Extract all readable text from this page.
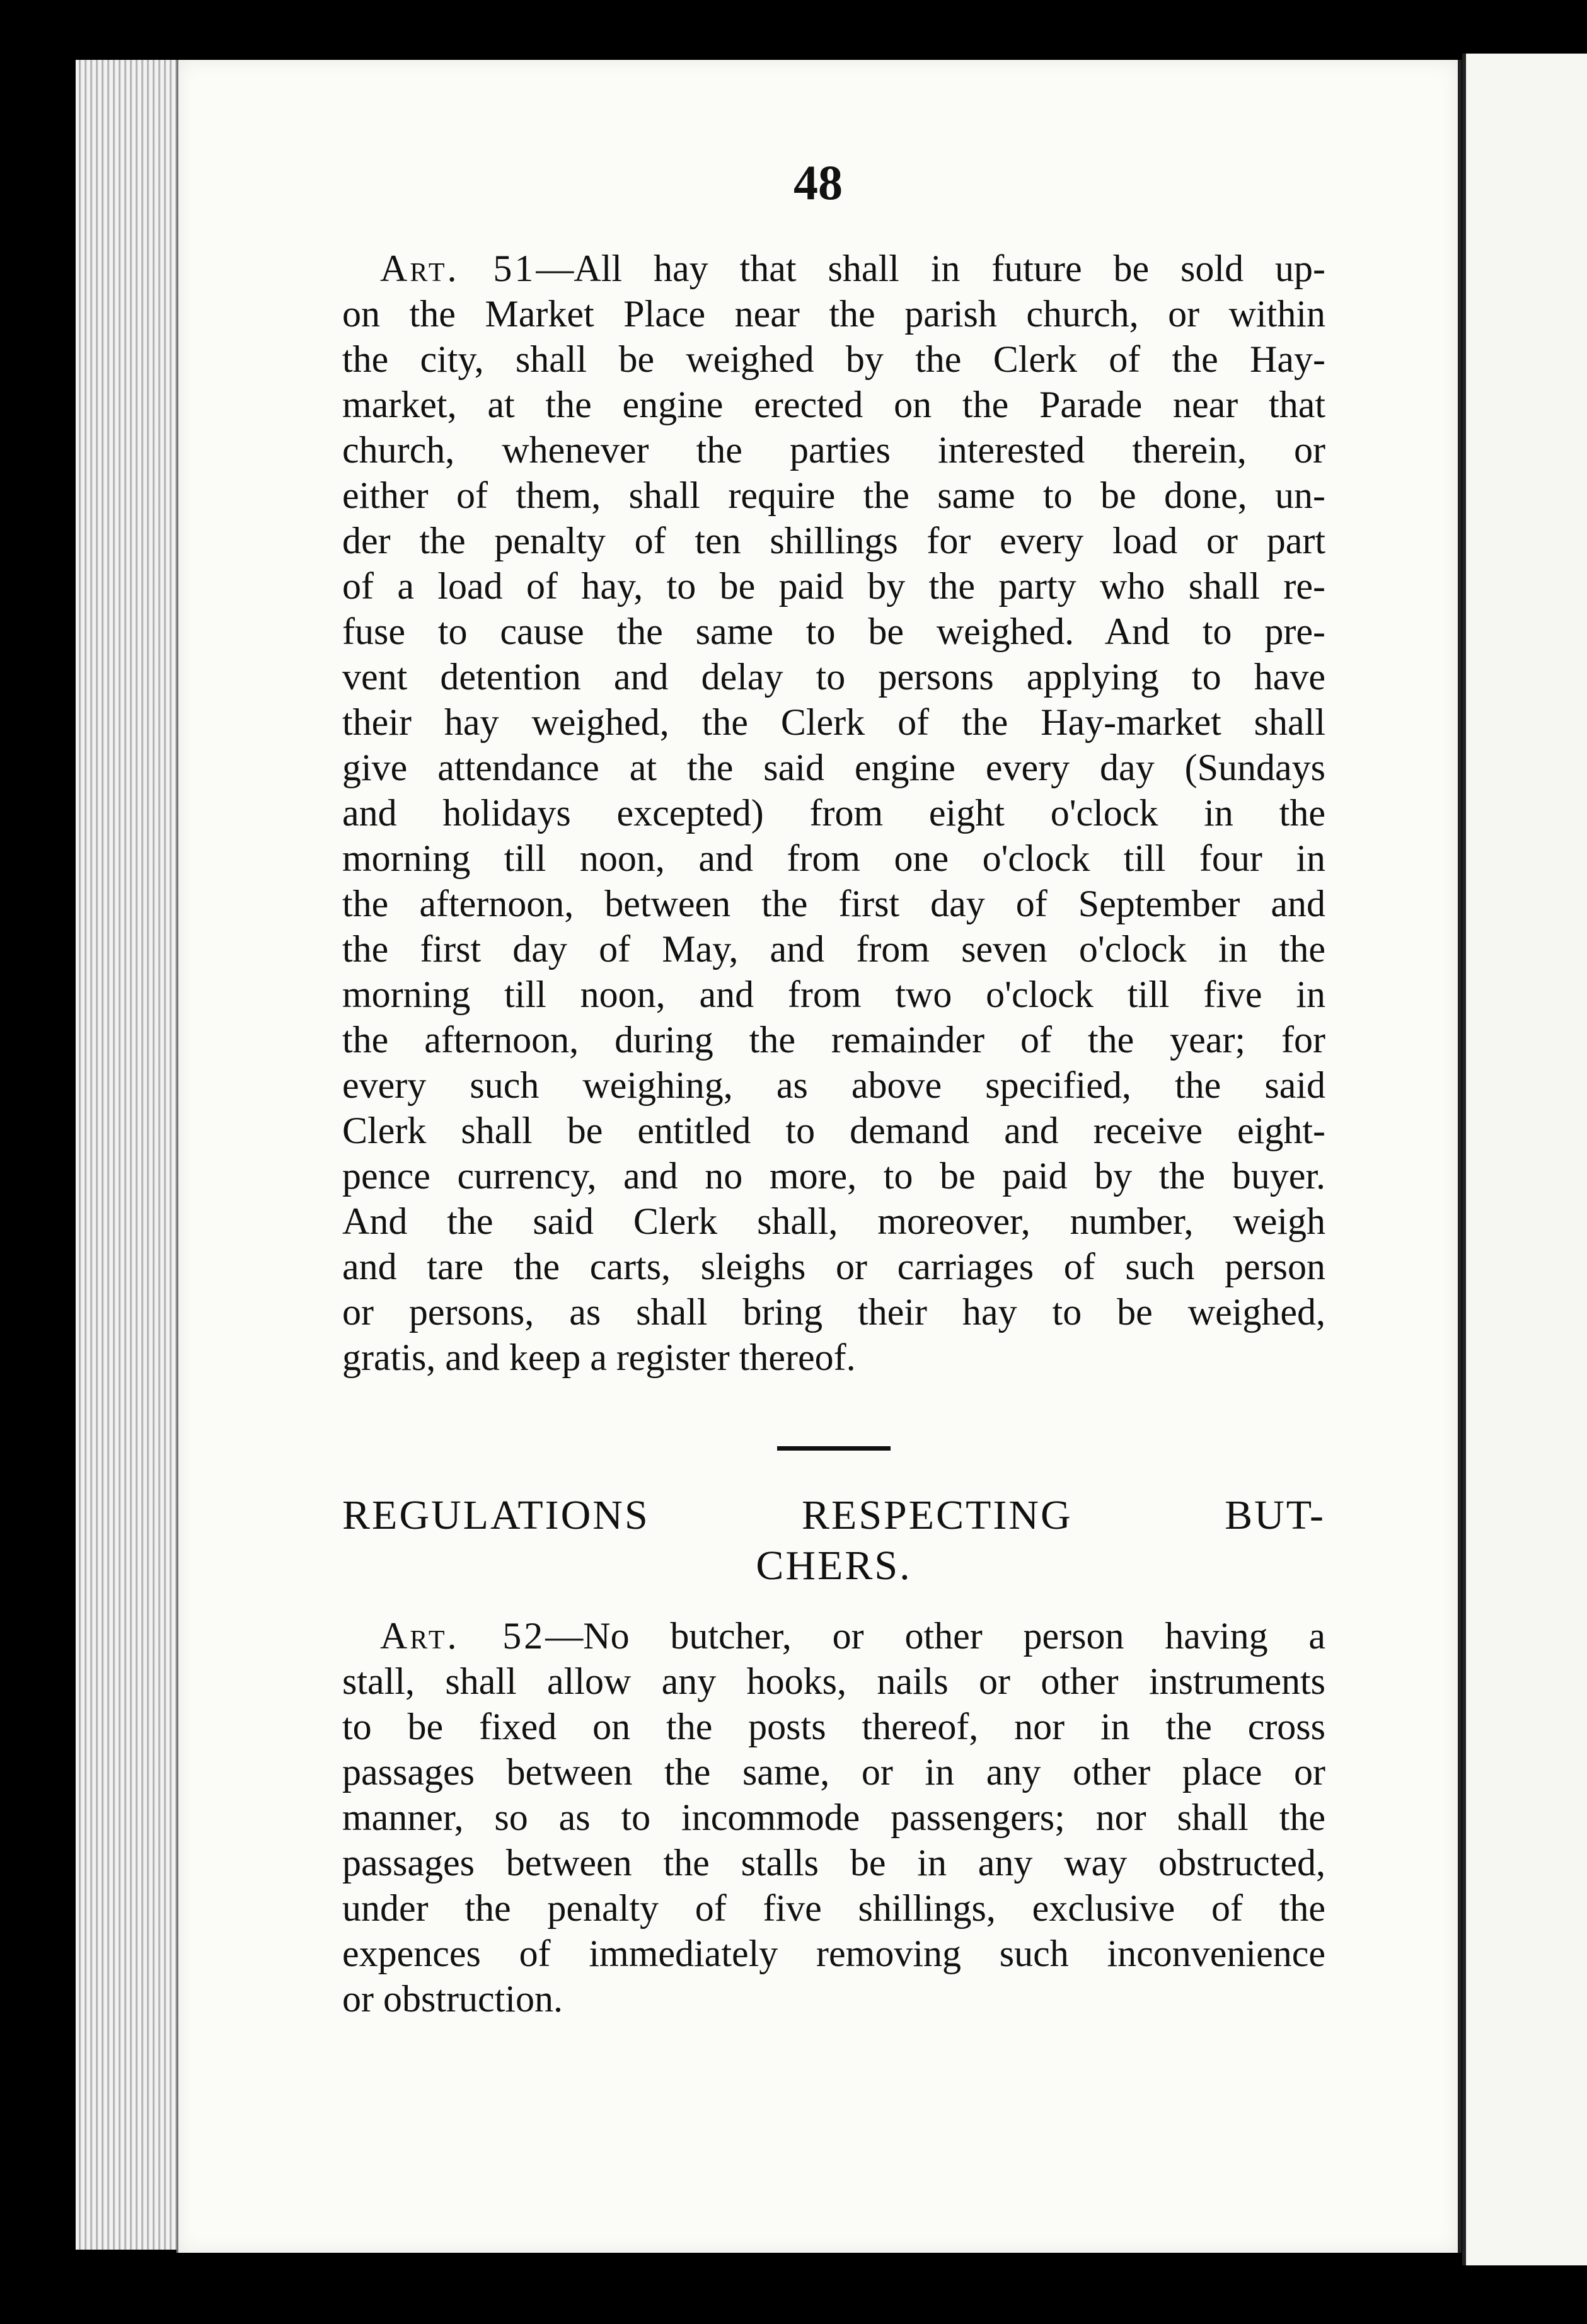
48
Art. 51—All hay that shall in future be sold up-
on the Market Place near the parish church, or within
the city, shall be weighed by the Clerk of the Hay-
market, at the engine erected on the Parade near that
church, whenever the parties interested therein, or
either of them, shall require the same to be done, un-
der the penalty of ten shillings for every load or part
of a load of hay, to be paid by the party who shall re-
fuse to cause the same to be weighed. And to pre-
vent detention and delay to persons applying to have
their hay weighed, the Clerk of the Hay-market shall
give attendance at the said engine every day (Sundays
and holidays excepted) from eight o'clock in the
morning till noon, and from one o'clock till four in
the afternoon, between the first day of September and
the first day of May, and from seven o'clock in the
morning till noon, and from two o'clock till five in
the afternoon, during the remainder of the year; for
every such weighing, as above specified, the said
Clerk shall be entitled to demand and receive eight-
pence currency, and no more, to be paid by the buyer.
And the said Clerk shall, moreover, number, weigh
and tare the carts, sleighs or carriages of such person
or persons, as shall bring their hay to be weighed,
gratis, and keep a register thereof.
REGULATIONS RESPECTING BUT-
CHERS.
Art. 52—No butcher, or other person having a
stall, shall allow any hooks, nails or other instruments
to be fixed on the posts thereof, nor in the cross
passages between the same, or in any other place or
manner, so as to incommode passengers; nor shall the
passages between the stalls be in any way obstructed,
under the penalty of five shillings, exclusive of the
expences of immediately removing such inconvenience
or obstruction.
